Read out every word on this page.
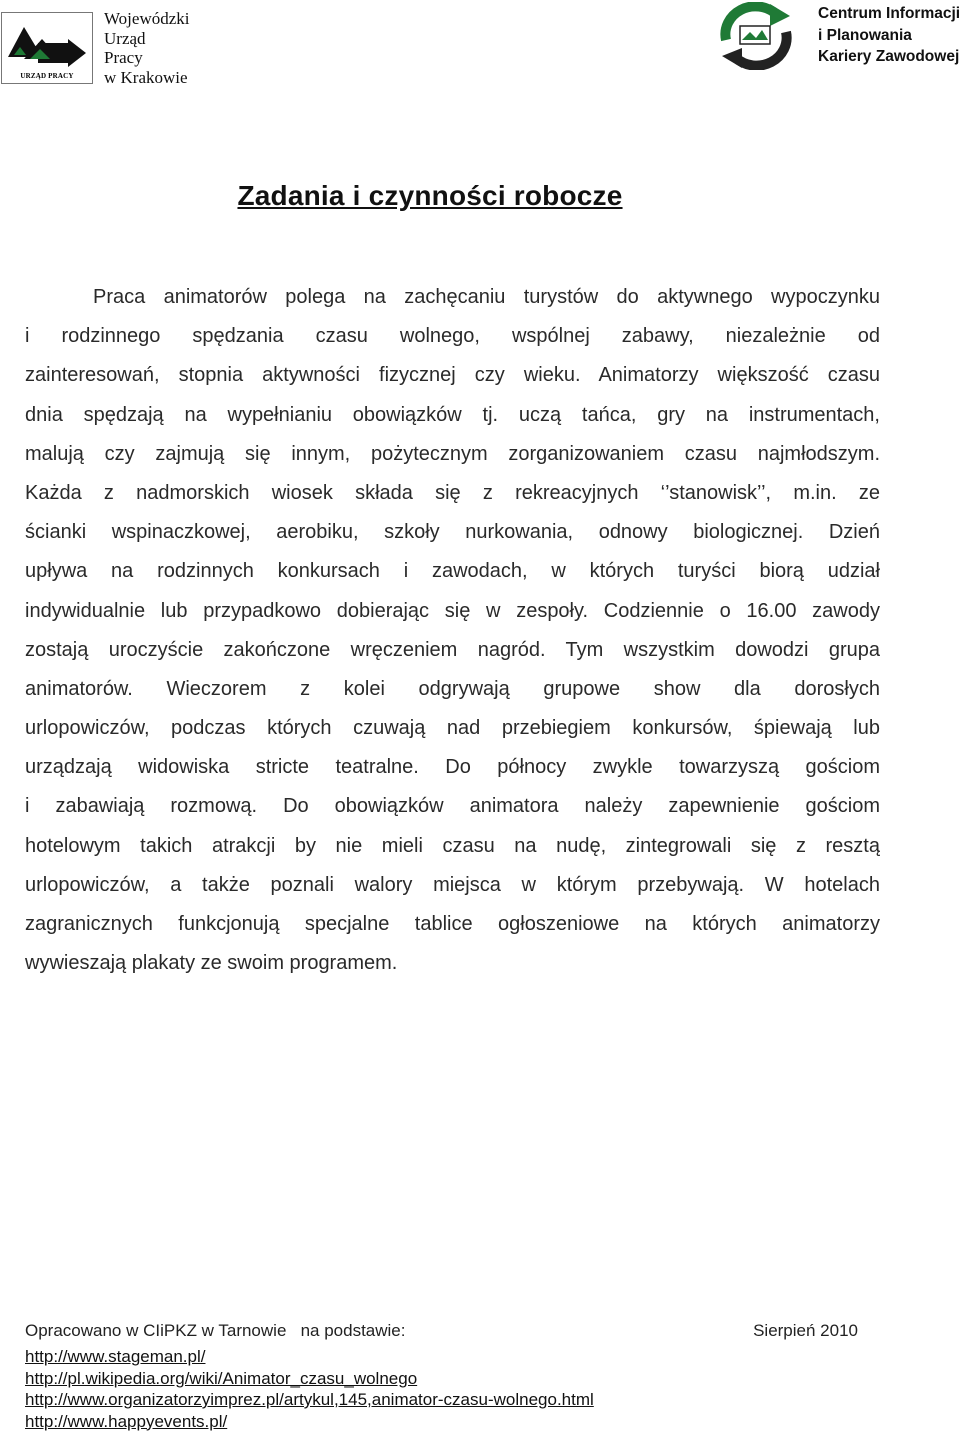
URZĄD PRACY
Wojewódzki
Urząd
Pracy
w Krakowie
Centrum Informacji
i Planowania
Kariery Zawodowej
Zadania i czynności robocze
Praca animatorów polega na zachęcaniu turystów do aktywnego wypoczynku
i rodzinnego spędzania czasu wolnego, wspólnej zabawy, niezależnie od
zainteresowań, stopnia aktywności fizycznej czy wieku. Animatorzy większość czasu
dnia spędzają na wypełnianiu obowiązków tj. uczą tańca, gry na instrumentach,
malują czy zajmują się innym, pożytecznym zorganizowaniem czasu najmłodszym.
Każda z nadmorskich wiosek składa się z rekreacyjnych ‘’stanowisk’’, m.in. ze
ścianki wspinaczkowej, aerobiku, szkoły nurkowania, odnowy biologicznej. Dzień
upływa na rodzinnych konkursach i zawodach, w których turyści biorą udział
indywidualnie lub przypadkowo dobierając się w zespoły. Codziennie o 16.00 zawody
zostają uroczyście zakończone wręczeniem nagród. Tym wszystkim dowodzi grupa
animatorów. Wieczorem z kolei odgrywają grupowe show dla dorosłych
urlopowiczów, podczas których czuwają nad przebiegiem konkursów, śpiewają lub
urządzają widowiska stricte teatralne. Do północy zwykle towarzyszą gościom
i zabawiają rozmową. Do obowiązków animatora należy zapewnienie gościom
hotelowym takich atrakcji by nie mieli czasu na nudę, zintegrowali się z resztą
urlopowiczów, a także poznali walory miejsca w którym przebywają. W hotelach
zagranicznych funkcjonują specjalne tablice ogłoszeniowe na których animatorzy
wywieszają plakaty ze swoim programem.
Opracowano w CIiPKZ w Tarnowie   na podstawie:	Sierpień 2010
http://www.stageman.pl/
http://pl.wikipedia.org/wiki/Animator_czasu_wolnego
http://www.organizatorzyimprez.pl/artykul,145,animator-czasu-wolnego.html
http://www.happyevents.pl/
